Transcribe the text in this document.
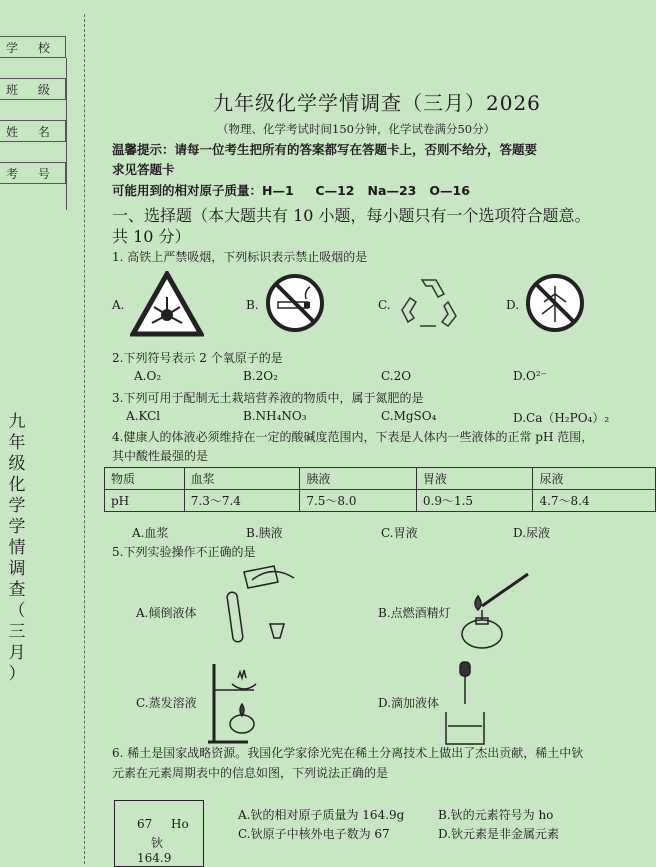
学 校
班 级
姓 名
考 号
九
年
级
化
学
学
情
调
查
（
三
月
）
九年级化学学情调查（三月）2026
（物理、化学考试时间150分钟，化学试卷满分50分）
温馨提示：请每一位考生把所有的答案都写在答题卡上，否则不给分，答题要
求见答题卡
可能用到的相对原子质量：H—1     C—12   Na—23   O—16
一、选择题（本大题共有 10 小题，每小题只有一个选项符合题意。
共 10 分）
1. 高铁上严禁吸烟，下列标识表示禁止吸烟的是
A.	B.	C.	D.
2.下列符号表示 2 个氧原子的是
A.O₂	B.2O₂	C.2O	D.O²⁻
3.下列可用于配制无土栽培营养液的物质中，属于氮肥的是
A.KCl	B.NH₄NO₃	C.MgSO₄	D.Ca（H₂PO₄）₂
4.健康人的体液必须维持在一定的酸碱度范围内，下表是人体内一些液体的正常 pH 范围，
其中酸性最强的是
物质	血浆	胰液	胃液	尿液
pH	7.3～7.4	7.5～8.0	0.9～1.5	4.7～8.4
A.血浆	B.胰液	C.胃液	D.尿液
5.下列实验操作不正确的是
A.倾倒液体	B.点燃酒精灯
C.蒸发溶液	D.滴加液体
6. 稀土是国家战略资源。我国化学家徐光宪在稀土分离技术上做出了杰出贡献，稀土中钬
元素在元素周期表中的信息如图，下列说法正确的是
67 Ho
钬
164.9
A.钬的相对原子质量为 164.9g	B.钬的元素符号为 ho
C.钬原子中核外电子数为 67	D.钬元素是非金属元素
